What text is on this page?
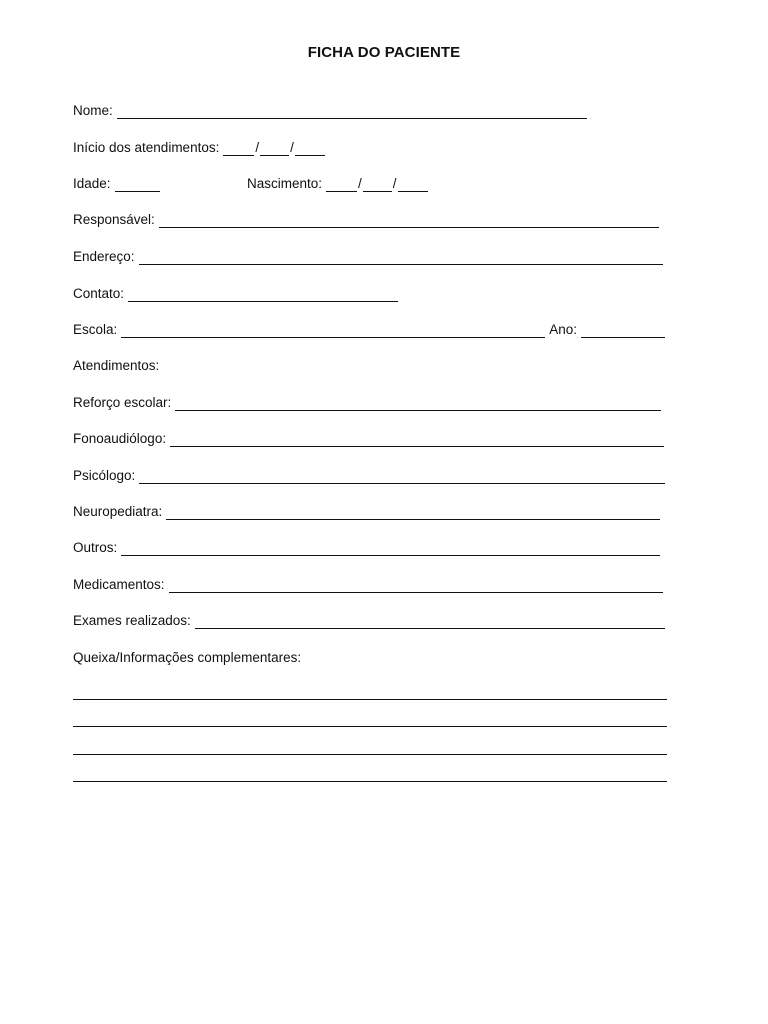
FICHA DO PACIENTE
Nome:
Início dos atendimentos:	/ /
Idade:	Nascimento:	/ /
Responsável:
Endereço:
Contato:
Escola:	Ano:
Atendimentos:
Reforço escolar:
Fonoaudiólogo:
Psicólogo:
Neuropediatra:
Outros:
Medicamentos:
Exames realizados:
Queixa/Informações complementares:
